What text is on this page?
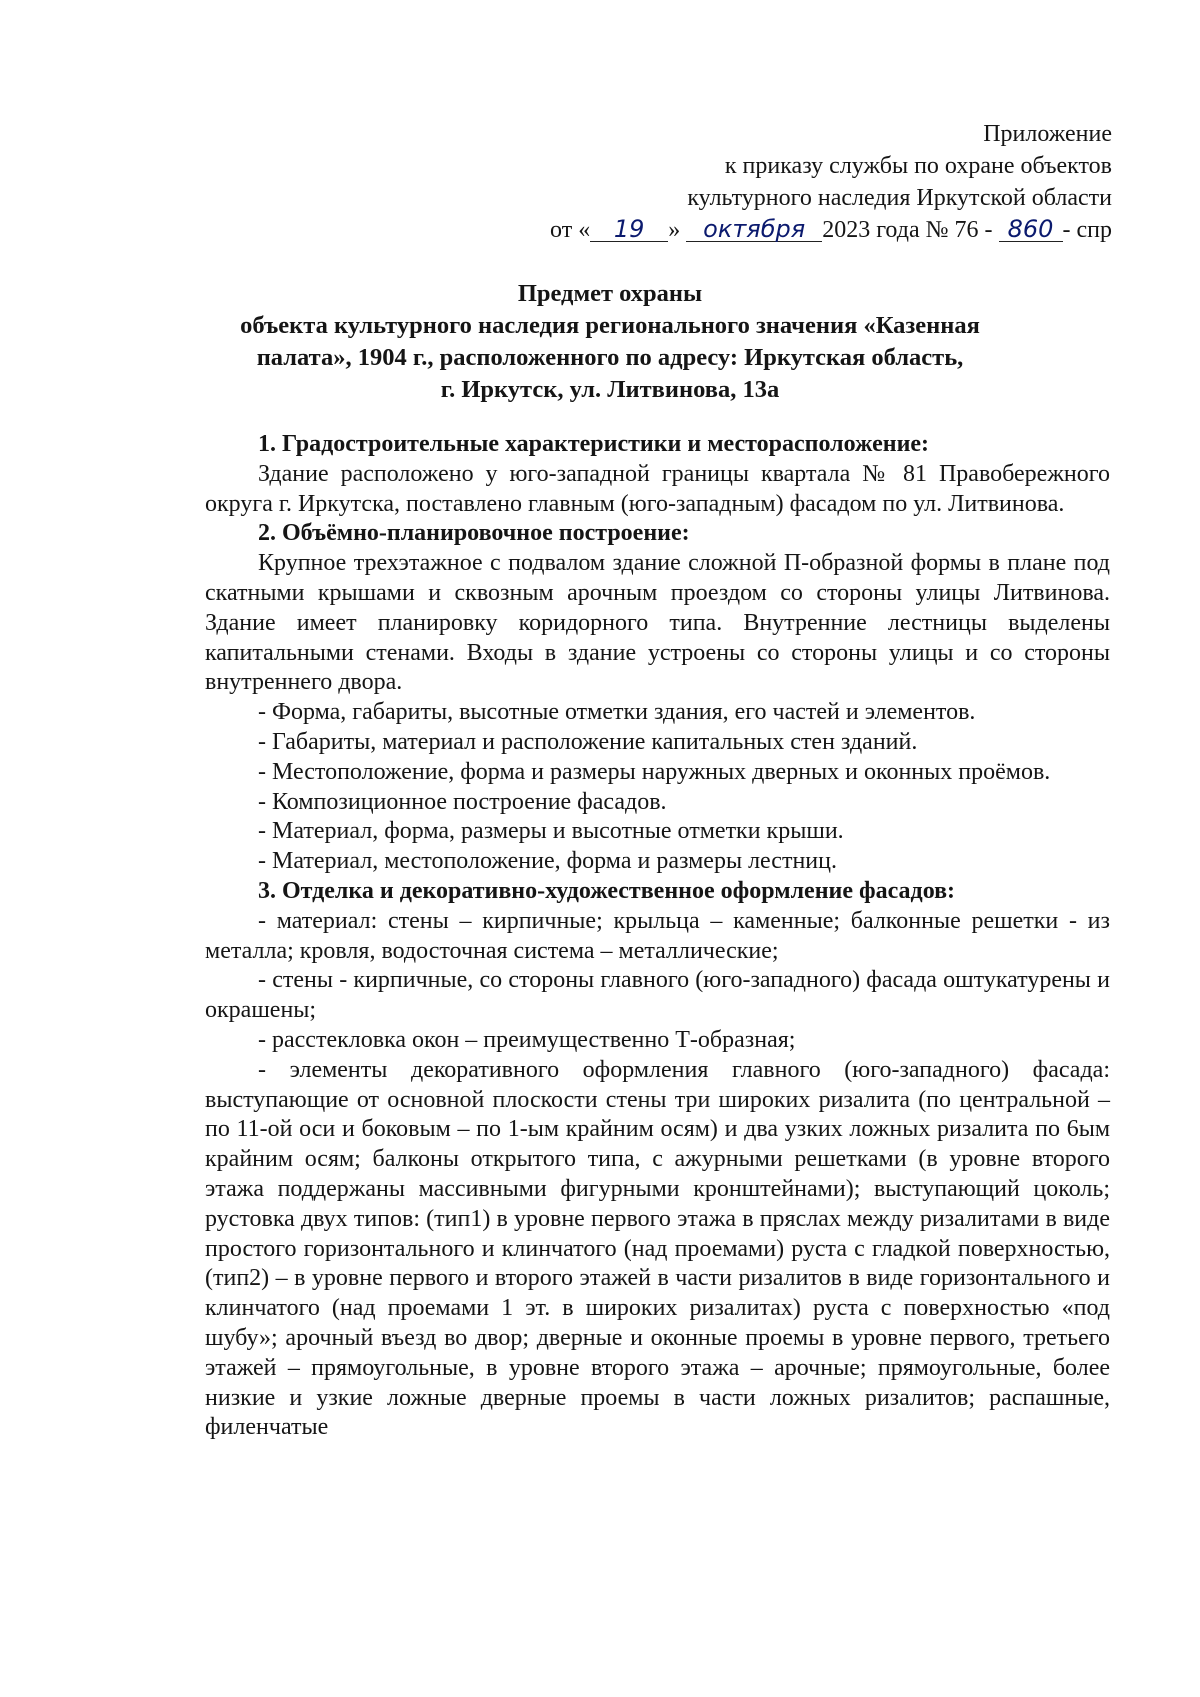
Приложение
к приказу службы по охране объектов
культурного наследия Иркутской области
от « 19 » октября 2023 года № 76 - 860 - спр
Предмет охраны
объекта культурного наследия регионального значения «Казенная
палата», 1904 г., расположенного по адресу: Иркутская область,
г. Иркутск, ул. Литвинова, 13а

1. Градостроительные характеристики и месторасположение:

Здание расположено у юго-западной границы квартала № 81 Правобережного округа г. Иркутска, поставлено главным (юго-западным) фасадом по ул. Литвинова.

2. Объёмно-планировочное построение:

Крупное трехэтажное с подвалом здание сложной П-образной формы в плане под скатными крышами и сквозным арочным проездом со стороны улицы Литвинова. Здание имеет планировку коридорного типа. Внутренние лестницы выделены капитальными стенами. Входы в здание устроены со стороны улицы и со стороны внутреннего двора.

- Форма, габариты, высотные отметки здания, его частей и элементов.

- Габариты, материал и расположение капитальных стен зданий.

- Местоположение, форма и размеры наружных дверных и оконных проёмов.

- Композиционное построение фасадов.

- Материал, форма, размеры и высотные отметки крыши.

- Материал, местоположение, форма и размеры лестниц.

3. Отделка и декоративно-художественное оформление фасадов:

- материал: стены – кирпичные; крыльца – каменные; балконные решетки - из металла; кровля, водосточная система – металлические;

- стены - кирпичные, со стороны главного (юго-западного) фасада оштукатурены и окрашены;

- расстекловка окон – преимущественно Т-образная;

- элементы декоративного оформления главного (юго-западного) фасада: выступающие от основной плоскости стены три широких ризалита (по центральной – по 11-ой оси и боковым – по 1-ым крайним осям) и два узких ложных ризалита по 6ым крайним осям; балконы открытого типа, с ажурными решетками (в уровне второго этажа поддержаны массивными фигурными кронштейнами); выступающий цоколь; рустовка двух типов: (тип1) в уровне первого этажа в пряслах между ризалитами в виде простого горизонтального и клинчатого (над проемами) руста с гладкой поверхностью, (тип2) – в уровне первого и второго этажей в части ризалитов в виде горизонтального и клинчатого (над проемами 1 эт. в широких ризалитах) руста с поверхностью «под шубу»; арочный въезд во двор; дверные и оконные проемы в уровне первого, третьего этажей – прямоугольные, в уровне второго этажа – арочные; прямоугольные, более низкие и узкие ложные дверные проемы в части ложных ризалитов; распашные, филенчатые
